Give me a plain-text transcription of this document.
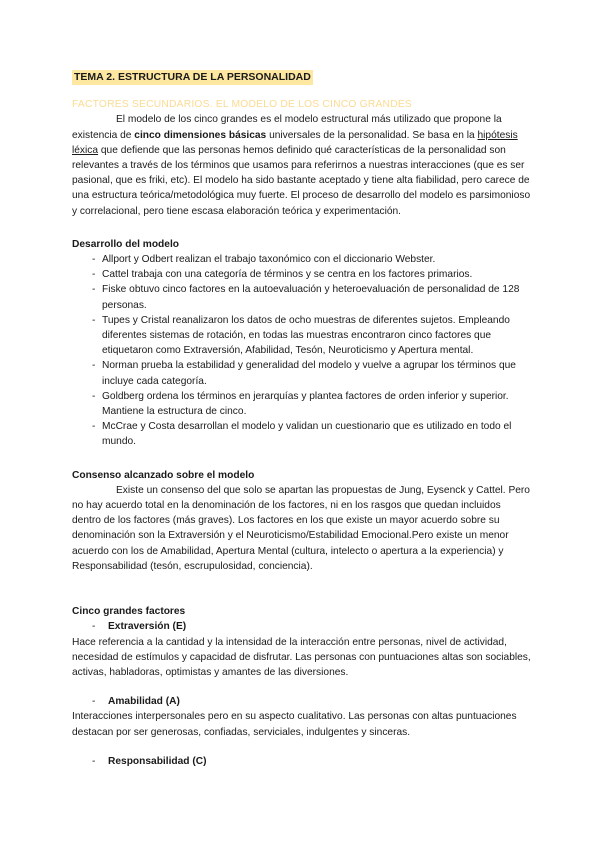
TEMA 2. ESTRUCTURA DE LA PERSONALIDAD
FACTORES SECUNDARIOS. EL MODELO DE LOS CINCO GRANDES

El modelo de los cinco grandes es el modelo estructural más utilizado que propone la existencia de cinco dimensiones básicas universales de la personalidad. Se basa en la hipótesis léxica que defiende que las personas hemos definido qué características de la personalidad son relevantes a través de los términos que usamos para referirnos a nuestras interacciones (que es ser pasional, que es friki, etc). El modelo ha sido bastante aceptado y tiene alta fiabilidad, pero carece de una estructura teórica/metodológica muy fuerte. El proceso de desarrollo del modelo es parsimonioso y correlacional, pero tiene escasa elaboración teórica y experimentación.

Desarrollo del modelo

- Allport y Odbert realizan el trabajo taxonómico con el diccionario Webster.
- Cattel trabaja con una categoría de términos y se centra en los factores primarios.
- Fiske obtuvo cinco factores en la autoevaluación y heteroevaluación de personalidad de 128 personas.
- Tupes y Cristal reanalizaron los datos de ocho muestras de diferentes sujetos. Empleando diferentes sistemas de rotación, en todas las muestras encontraron cinco factores que etiquetaron como Extraversión, Afabilidad, Tesón, Neuroticismo y Apertura mental.
- Norman prueba la estabilidad y generalidad del modelo y vuelve a agrupar los términos que incluye cada categoría.
- Goldberg ordena los términos en jerarquías y plantea factores de orden inferior y superior. Mantiene la estructura de cinco.
- McCrae y Costa desarrollan el modelo y validan un cuestionario que es utilizado en todo el mundo.

Consenso alcanzado sobre el modelo

Existe un consenso del que solo se apartan las propuestas de Jung, Eysenck y Cattel. Pero no hay acuerdo total en la denominación de los factores, ni en los rasgos que quedan incluidos dentro de los factores (más graves). Los factores en los que existe un mayor acuerdo sobre su denominación son la Extraversión y el Neuroticismo/Estabilidad Emocional.Pero existe un menor acuerdo con los de Amabilidad, Apertura Mental (cultura, intelecto o apertura a la experiencia) y Responsabilidad (tesón, escrupulosidad, conciencia).

Cinco grandes factores

- Extraversión (E)

Hace referencia a la cantidad y la intensidad de la interacción entre personas, nivel de actividad, necesidad de estímulos y capacidad de disfrutar. Las personas con puntuaciones altas son sociables, activas, habladoras, optimistas y amantes de las diversiones.

- Amabilidad (A)

Interacciones interpersonales pero en su aspecto cualitativo. Las personas con altas puntuaciones destacan por ser generosas, confiadas, serviciales, indulgentes y sinceras.

- Responsabilidad (C)
